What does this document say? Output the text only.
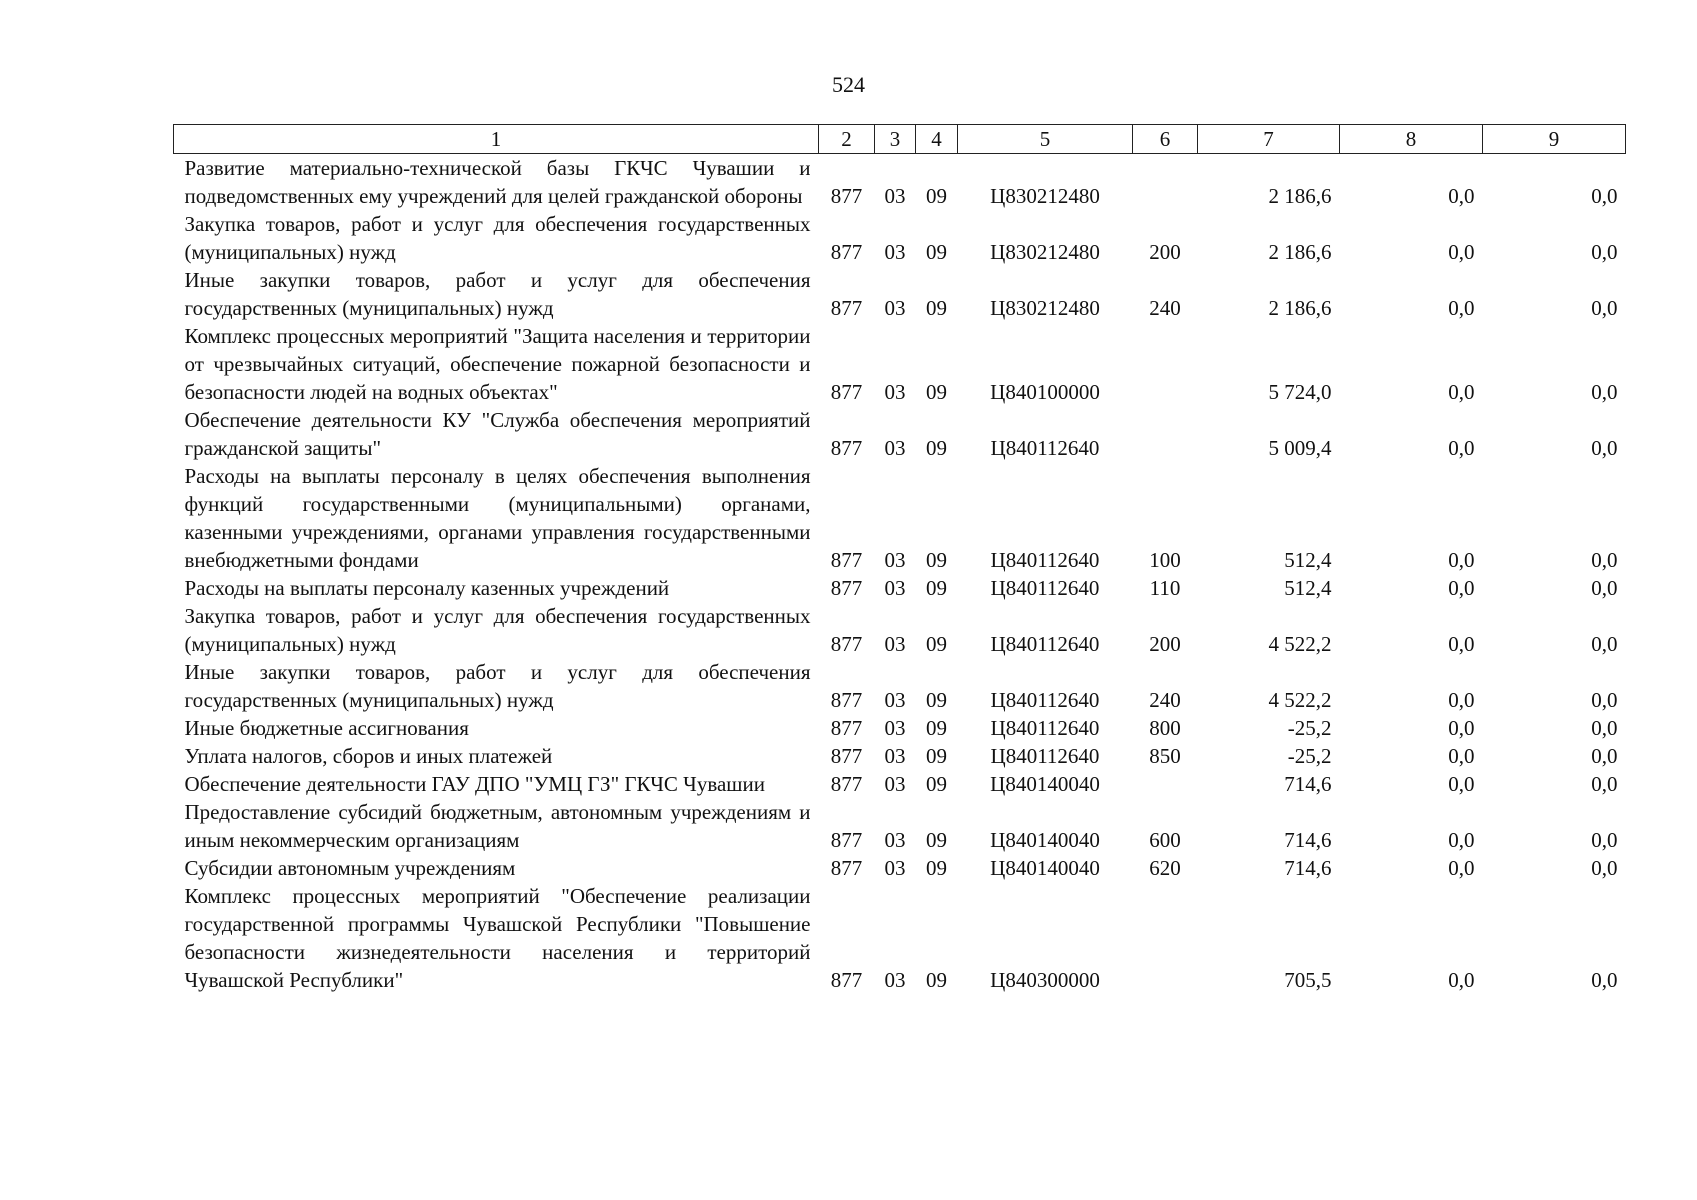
524
1	2	3	4	5	6	7	8	9
Развитие материально-технической базы ГКЧС Чувашии и подведомственных ему учреждений для целей гражданской обороны	877	03	09	Ц830212480		2 186,6	0,0	0,0
Закупка товаров, работ и услуг для обеспечения государственных (муниципальных) нужд	877	03	09	Ц830212480	200	2 186,6	0,0	0,0
Иные закупки товаров, работ и услуг для обеспечения государственных (муниципальных) нужд	877	03	09	Ц830212480	240	2 186,6	0,0	0,0
Комплекс процессных мероприятий "Защита населения и территории от чрезвычайных ситуаций, обеспечение пожарной безопасности и безопасности людей на водных объектах"	877	03	09	Ц840100000		5 724,0	0,0	0,0
Обеспечение деятельности КУ "Служба обеспечения мероприятий гражданской защиты"	877	03	09	Ц840112640		5 009,4	0,0	0,0
Расходы на выплаты персоналу в целях обеспечения выполнения функций государственными (муниципальными) органами, казенными учреждениями, органами управления государственными внебюджетными фондами	877	03	09	Ц840112640	100	512,4	0,0	0,0
Расходы на выплаты персоналу казенных учреждений	877	03	09	Ц840112640	110	512,4	0,0	0,0
Закупка товаров, работ и услуг для обеспечения государственных (муниципальных) нужд	877	03	09	Ц840112640	200	4 522,2	0,0	0,0
Иные закупки товаров, работ и услуг для обеспечения государственных (муниципальных) нужд	877	03	09	Ц840112640	240	4 522,2	0,0	0,0
Иные бюджетные ассигнования	877	03	09	Ц840112640	800	-25,2	0,0	0,0
Уплата налогов, сборов и иных платежей	877	03	09	Ц840112640	850	-25,2	0,0	0,0
Обеспечение деятельности ГАУ ДПО "УМЦ ГЗ" ГКЧС Чувашии	877	03	09	Ц840140040		714,6	0,0	0,0
Предоставление субсидий бюджетным, автономным учреждениям и иным некоммерческим организациям	877	03	09	Ц840140040	600	714,6	0,0	0,0
Субсидии автономным учреждениям	877	03	09	Ц840140040	620	714,6	0,0	0,0
Комплекс процессных мероприятий "Обеспечение реализации государственной программы Чувашской Республики "Повышение безопасности жизнедеятельности населения и территорий Чувашской Республики"	877	03	09	Ц840300000		705,5	0,0	0,0
